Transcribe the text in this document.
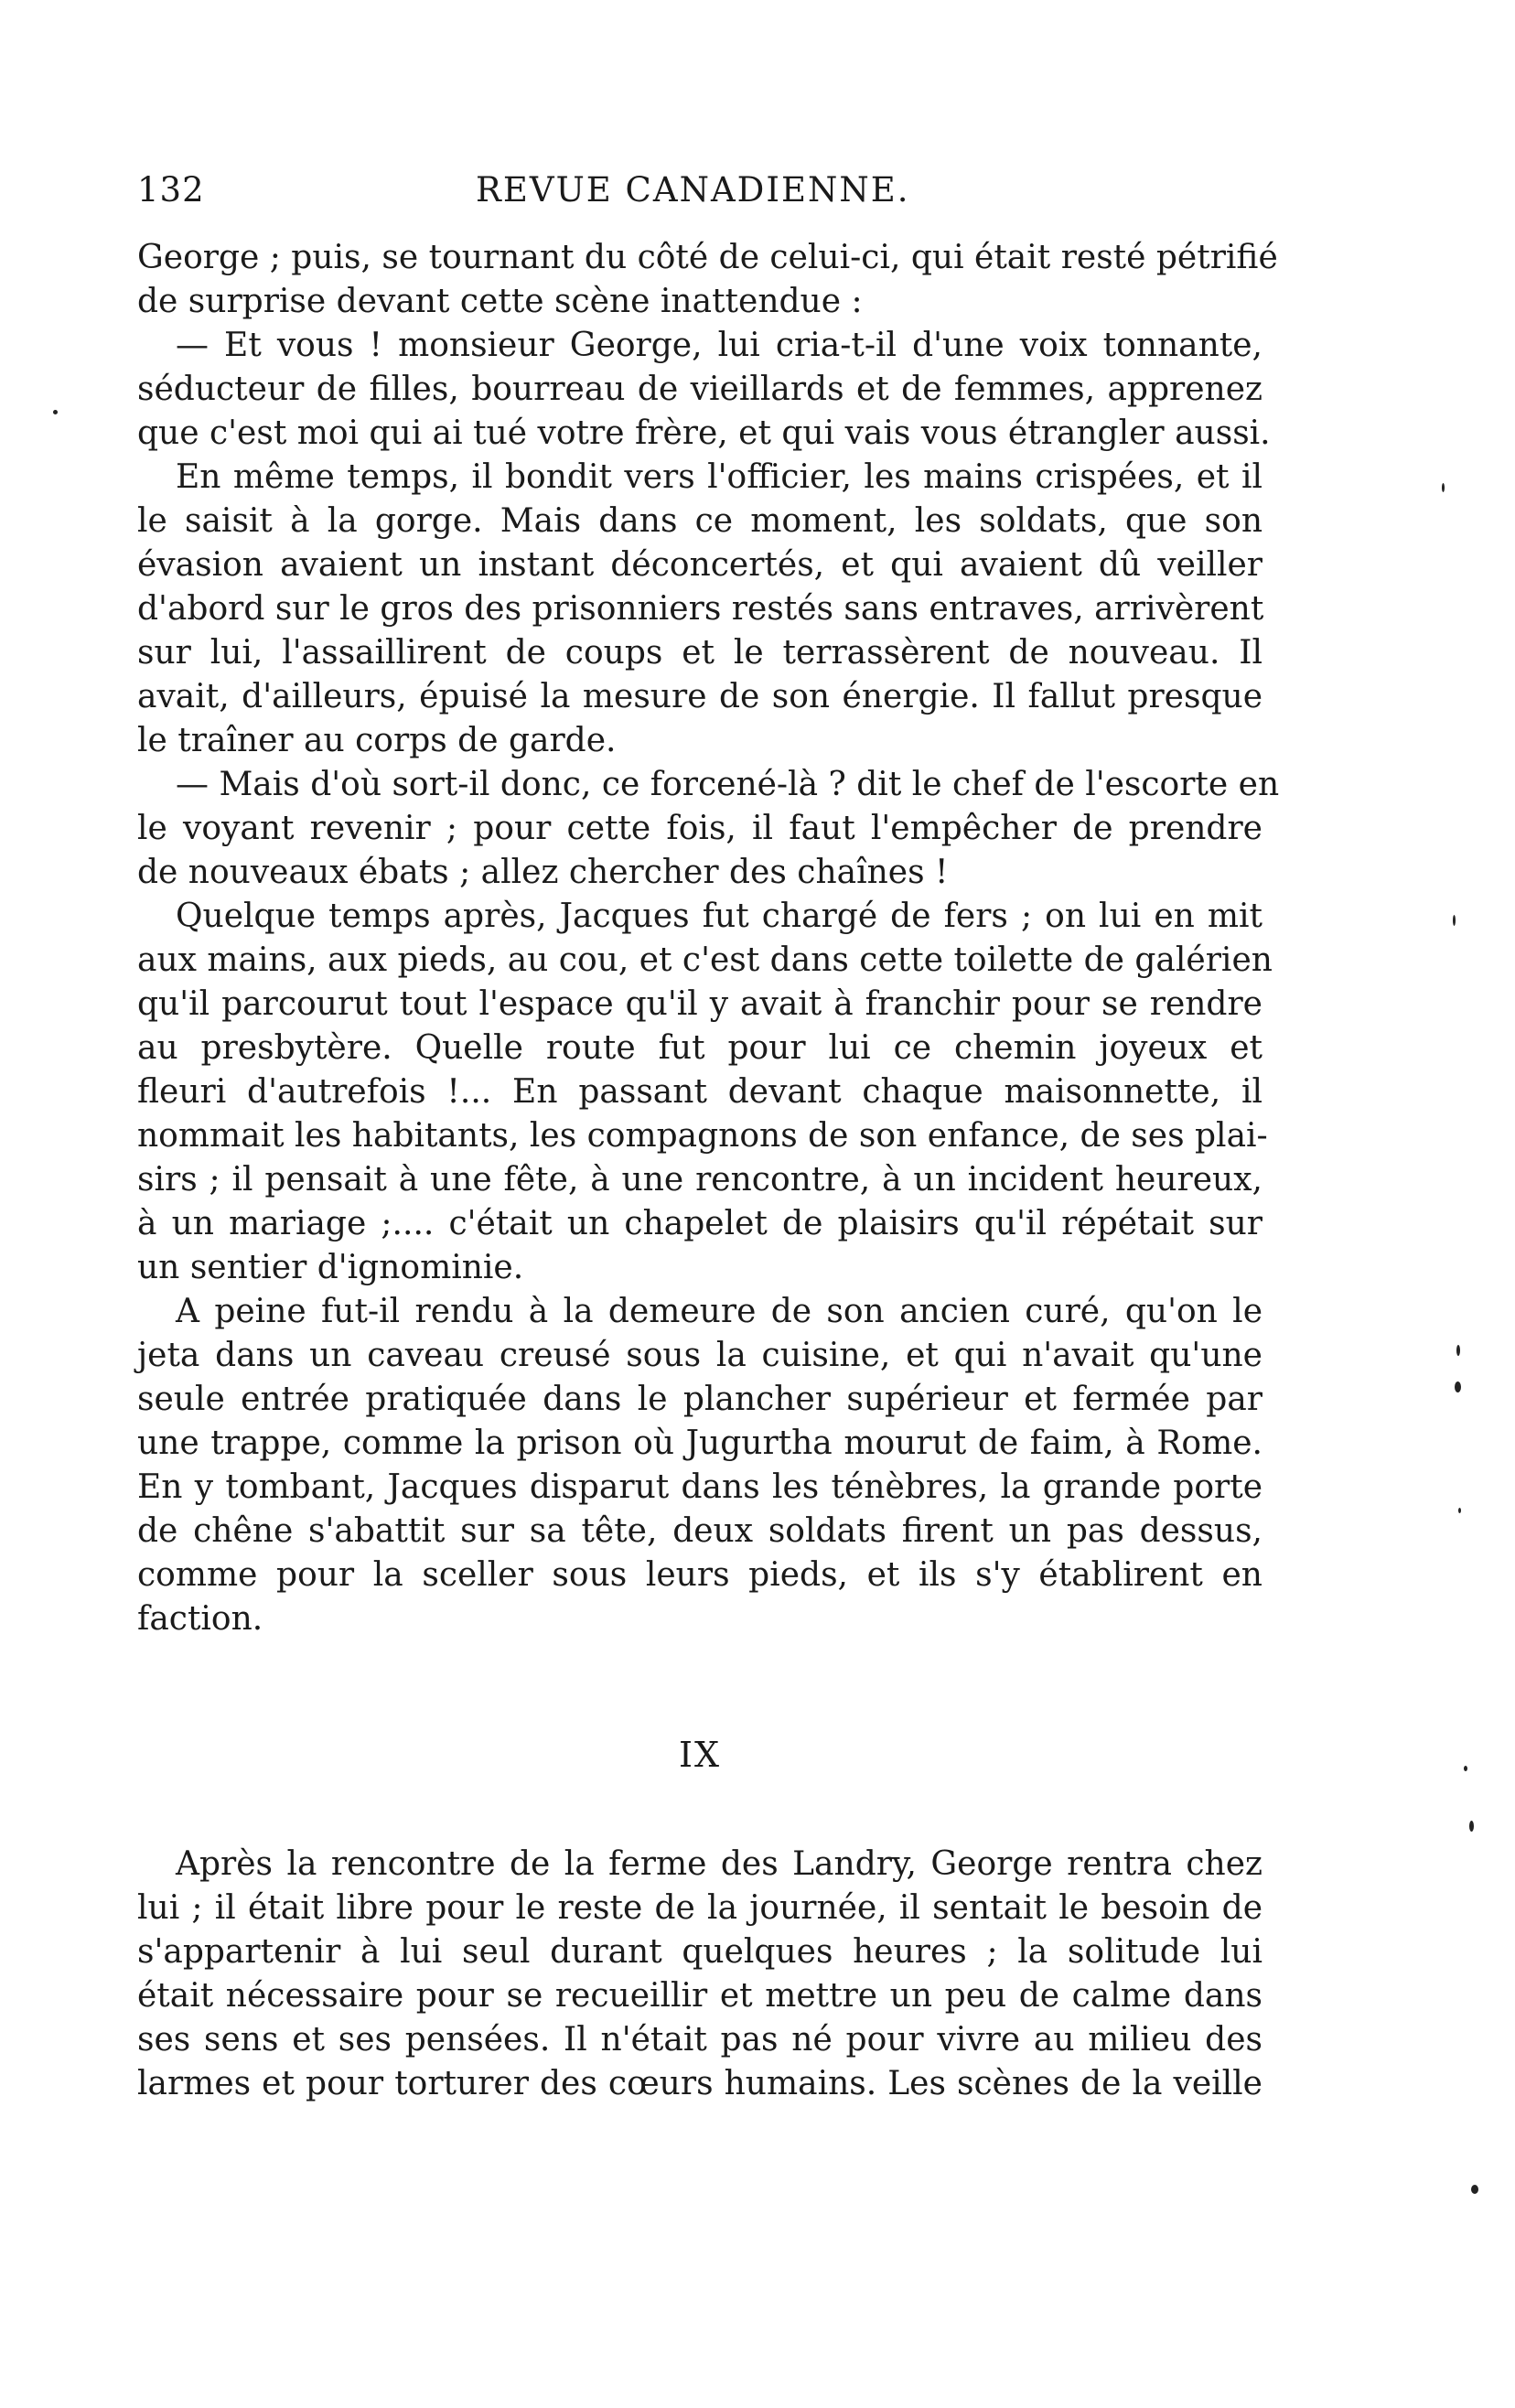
132	REVUE CANADIENNE.
George ; puis, se tournant du côté de celui-ci, qui était resté pétrifié
de surprise devant cette scène inattendue :
— Et vous ! monsieur George, lui cria-t-il d'une voix tonnante,
séducteur de filles, bourreau de vieillards et de femmes, apprenez
que c'est moi qui ai tué votre frère, et qui vais vous étrangler aussi.
En même temps, il bondit vers l'officier, les mains crispées, et il
le saisit à la gorge. Mais dans ce moment, les soldats, que son
évasion avaient un instant déconcertés, et qui avaient dû veiller
d'abord sur le gros des prisonniers restés sans entraves, arrivèrent
sur lui, l'assaillirent de coups et le terrassèrent de nouveau. Il
avait, d'ailleurs, épuisé la mesure de son énergie. Il fallut presque
le traîner au corps de garde.
— Mais d'où sort-il donc, ce forcené-là ? dit le chef de l'escorte en
le voyant revenir ; pour cette fois, il faut l'empêcher de prendre
de nouveaux ébats ; allez chercher des chaînes !
Quelque temps après, Jacques fut chargé de fers ; on lui en mit
aux mains, aux pieds, au cou, et c'est dans cette toilette de galérien
qu'il parcourut tout l'espace qu'il y avait à franchir pour se rendre
au presbytère. Quelle route fut pour lui ce chemin joyeux et
fleuri d'autrefois !... En passant devant chaque maisonnette, il
nommait les habitants, les compagnons de son enfance, de ses plai-
sirs ; il pensait à une fête, à une rencontre, à un incident heureux,
à un mariage ;.... c'était un chapelet de plaisirs qu'il répétait sur
un sentier d'ignominie.
A peine fut-il rendu à la demeure de son ancien curé, qu'on le
jeta dans un caveau creusé sous la cuisine, et qui n'avait qu'une
seule entrée pratiquée dans le plancher supérieur et fermée par
une trappe, comme la prison où Jugurtha mourut de faim, à Rome.
En y tombant, Jacques disparut dans les ténèbres, la grande porte
de chêne s'abattit sur sa tête, deux soldats firent un pas dessus,
comme pour la sceller sous leurs pieds, et ils s'y établirent en
faction.
IX
Après la rencontre de la ferme des Landry, George rentra chez
lui ; il était libre pour le reste de la journée, il sentait le besoin de
s'appartenir à lui seul durant quelques heures ; la solitude lui
était nécessaire pour se recueillir et mettre un peu de calme dans
ses sens et ses pensées. Il n'était pas né pour vivre au milieu des
larmes et pour torturer des cœurs humains. Les scènes de la veille
